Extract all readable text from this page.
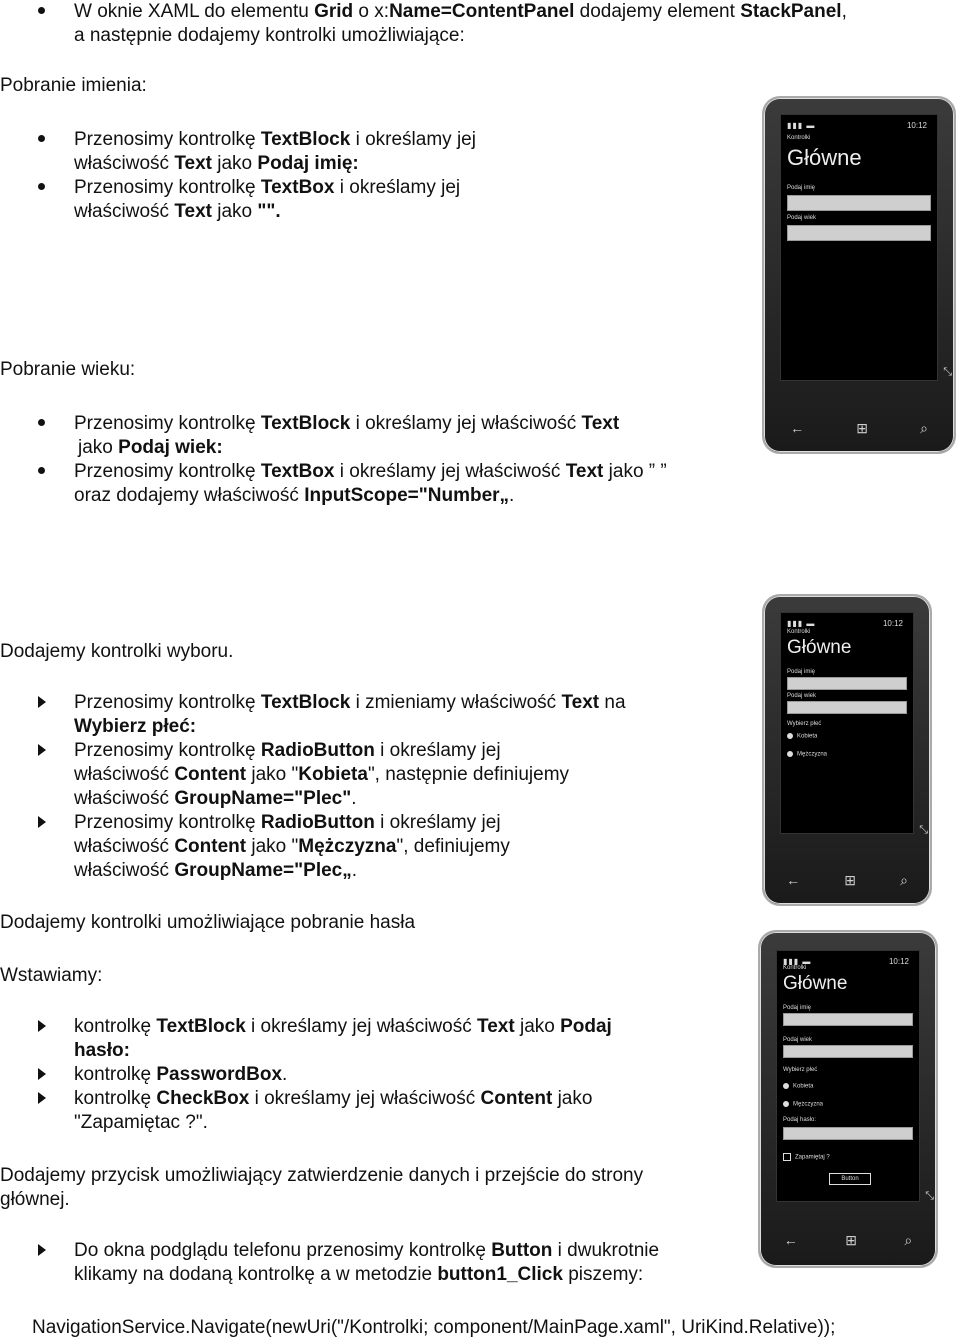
W oknie XAML do elementu Grid o x:Name=ContentPanel dodajemy element StackPanel,
a następnie dodajemy kontrolki umożliwiające:
Pobranie imienia:
Przenosimy kontrolkę TextBlock i określamy jej
właściwość Text jako Podaj imię:
Przenosimy kontrolkę TextBox i określamy jej
właściwość Text jako "".
Pobranie wieku:
Przenosimy kontrolkę TextBlock i określamy jej właściwość Text
jako Podaj wiek:
Przenosimy kontrolkę TextBox i określamy jej właściwość Text jako ” ”
oraz dodajemy właściwość InputScope="Number„.
Dodajemy kontrolki wyboru.
Przenosimy kontrolkę TextBlock i zmieniamy właściwość Text na
Wybierz płeć:
Przenosimy kontrolkę RadioButton i określamy jej
właściwość Content jako "Kobieta", następnie definiujemy
właściwość GroupName="Plec".
Przenosimy kontrolkę RadioButton i określamy jej
właściwość Content jako "Mężczyzna", definiujemy
właściwość GroupName="Plec„.
Dodajemy kontrolki umożliwiające pobranie hasła
Wstawiamy:
kontrolkę TextBlock i określamy jej właściwość Text jako Podaj
hasło:
kontrolkę PasswordBox.
kontrolkę CheckBox i określamy jej właściwość Content jako
"Zapamiętac ?".
Dodajemy przycisk umożliwiający zatwierdzenie danych i przejście do strony
głównej.
Do okna podglądu telefonu przenosimy kontrolkę Button i dwukrotnie
klikamy na dodaną kontrolkę a w metodzie button1_Click piszemy:
NavigationService.Navigate(newUri("/Kontrolki; component/MainPage.xaml", UriKind.Relative));
▮▮▮ ▬	10:12
Kontrolki
Główne
Podaj imię
Podaj wiek
⤡
←	⊞	⌕
▮▮▮ ▬	10:12
Kontrolki
Główne
Podaj imię
Podaj wiek
Wybierz płeć
Kobieta
Mężczyzna
⤡
←	⊞	⌕
▮▮▮ ▬	10:12
Kontrolki
Główne
Podaj imię
Podaj wiek
Wybierz płeć
Kobieta
Mężczyzna
Podaj hasło:
Zapamiętaj ?
Button
⤡
←	⊞	⌕
